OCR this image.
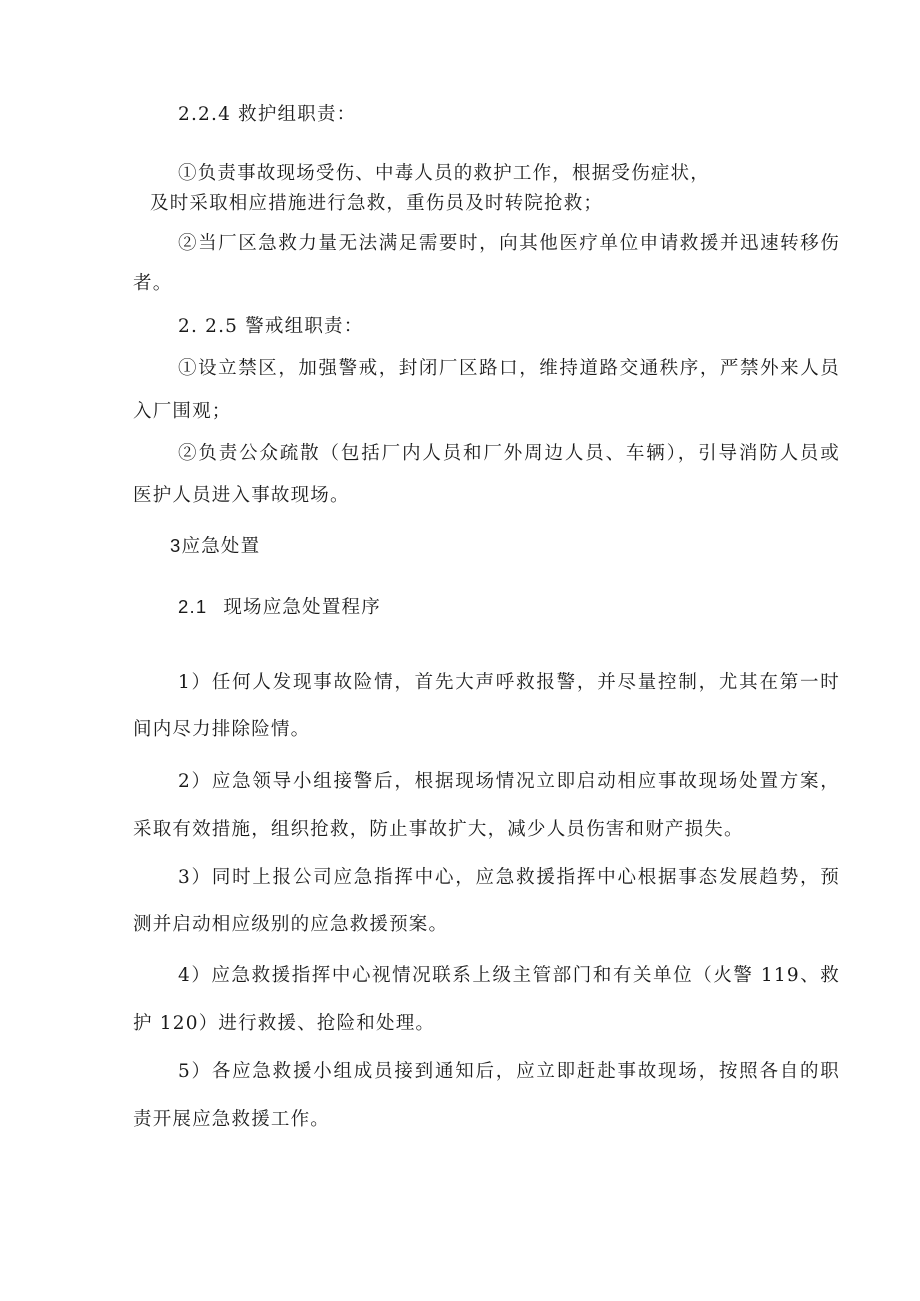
2.2.4 救护组职责：
①负责事故现场受伤、中毒人员的救护工作，根据受伤症状，
及时采取相应措施进行急救，重伤员及时转院抢救；
②当厂区急救力量无法满足需要时，向其他医疗单位申请救援并迅速转移伤
者。
2. 2.5 警戒组职责：
①设立禁区，加强警戒，封闭厂区路口，维持道路交通秩序，严禁外来人员
入厂围观；
②负责公众疏散（包括厂内人员和厂外周边人员、车辆），引导消防人员或
医护人员进入事故现场。
3应急处置
2.1 现场应急处置程序
1）任何人发现事故险情，首先大声呼救报警，并尽量控制，尤其在第一时
间内尽力排除险情。
2）应急领导小组接警后，根据现场情况立即启动相应事故现场处置方案，
采取有效措施，组织抢救，防止事故扩大，减少人员伤害和财产损失。
3）同时上报公司应急指挥中心，应急救援指挥中心根据事态发展趋势，预
测并启动相应级别的应急救援预案。
4）应急救援指挥中心视情况联系上级主管部门和有关单位（火警 119、救
护 120）进行救援、抢险和处理。
5）各应急救援小组成员接到通知后，应立即赶赴事故现场，按照各自的职
责开展应急救援工作。
